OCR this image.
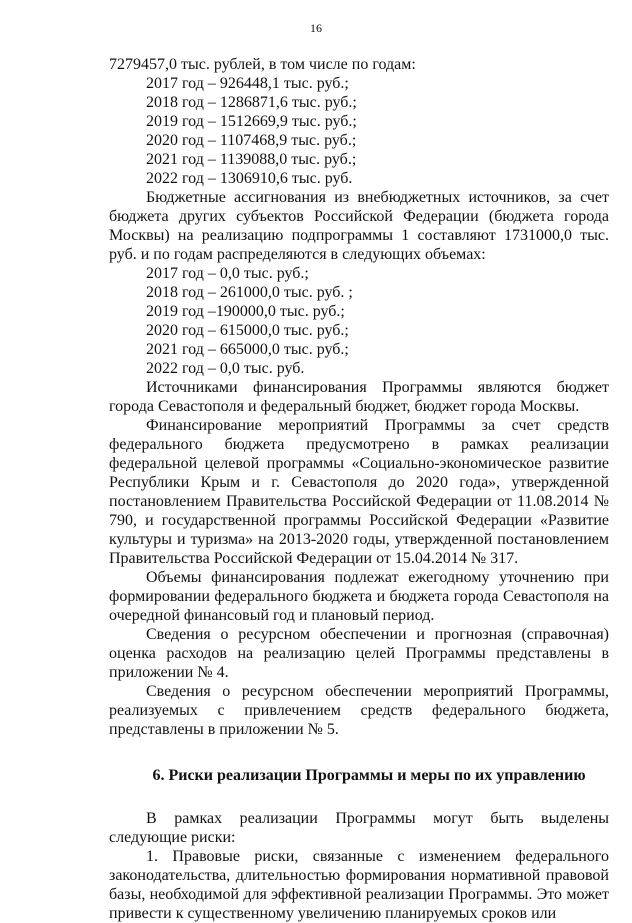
16

7279457,0 тыс. рублей, в том числе по годам:

2017 год – 926448,1 тыс. руб.;

2018 год – 1286871,6 тыс. руб.;

2019 год – 1512669,9 тыс. руб.;

2020 год – 1107468,9 тыс. руб.;

2021 год – 1139088,0 тыс. руб.;

2022 год – 1306910,6 тыс. руб.

Бюджетные ассигнования из внебюджетных источников, за счет бюджета других субъектов Российской Федерации (бюджета города Москвы) на реализацию подпрограммы 1 составляют 1731000,0 тыс. руб. и по годам распределяются в следующих объемах:

2017 год – 0,0 тыс. руб.;

2018 год – 261000,0 тыс. руб. ;

2019 год –190000,0 тыс. руб.;

2020 год – 615000,0 тыс. руб.;

2021 год – 665000,0 тыс. руб.;

2022 год – 0,0 тыс. руб.

Источниками финансирования Программы являются бюджет города Севастополя и федеральный бюджет, бюджет города Москвы.

Финансирование мероприятий Программы за счет средств федерального бюджета предусмотрено в рамках реализации федеральной целевой программы «Социально-экономическое развитие Республики Крым и г. Севастополя до 2020 года», утвержденной постановлением Правительства Российской Федерации от 11.08.2014 № 790, и государственной программы Российской Федерации «Развитие культуры и туризма» на 2013-2020 годы, утвержденной постановлением Правительства Российской Федерации от 15.04.2014 № 317.

Объемы финансирования подлежат ежегодному уточнению при формировании федерального бюджета и бюджета города Севастополя на очередной финансовый год и плановый период.

Сведения о ресурсном обеспечении и прогнозная (справочная) оценка расходов на реализацию целей Программы представлены в приложении № 4.

Сведения о ресурсном обеспечении мероприятий Программы, реализуемых с привлечением средств федерального бюджета, представлены в приложении № 5.

6. Риски реализации Программы и меры по их управлению

В рамках реализации Программы могут быть выделены следующие риски:

1. Правовые риски, связанные с изменением федерального законодательства, длительностью формирования нормативной правовой базы, необходимой для эффективной реализации Программы. Это может привести к существенному увеличению планируемых сроков или
